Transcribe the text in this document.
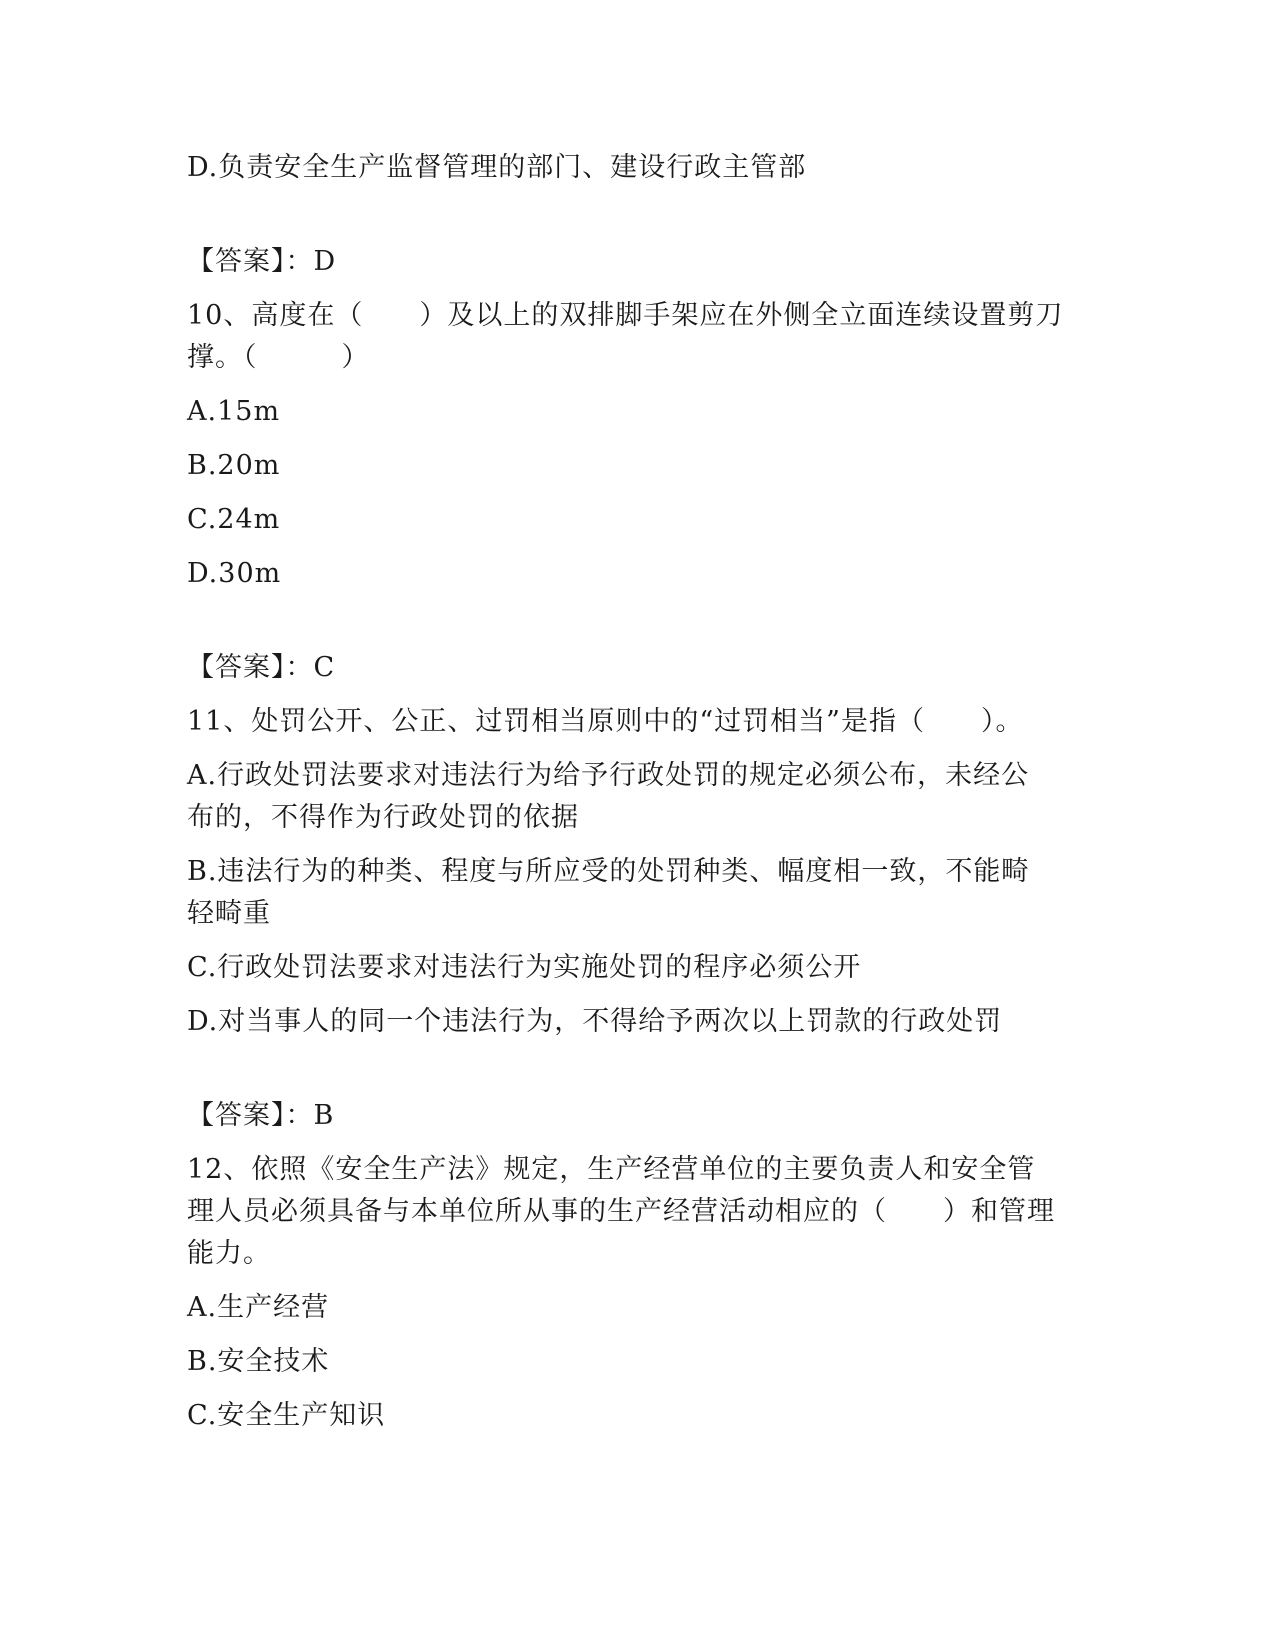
D.负责安全生产监督管理的部门、建设行政主管部
【答案】：D
10、高度在（　　）及以上的双排脚手架应在外侧全立面连续设置剪刀
撑。（　　　）
A.15m
B.20m
C.24m
D.30m
【答案】：C
11、处罚公开、公正、过罚相当原则中的“过罚相当”是指（　　）。
A.行政处罚法要求对违法行为给予行政处罚的规定必须公布，未经公
布的，不得作为行政处罚的依据
B.违法行为的种类、程度与所应受的处罚种类、幅度相一致，不能畸
轻畸重
C.行政处罚法要求对违法行为实施处罚的程序必须公开
D.对当事人的同一个违法行为，不得给予两次以上罚款的行政处罚
【答案】：B
12、依照《安全生产法》规定，生产经营单位的主要负责人和安全管
理人员必须具备与本单位所从事的生产经营活动相应的（　　）和管理
能力。
A.生产经营
B.安全技术
C.安全生产知识
